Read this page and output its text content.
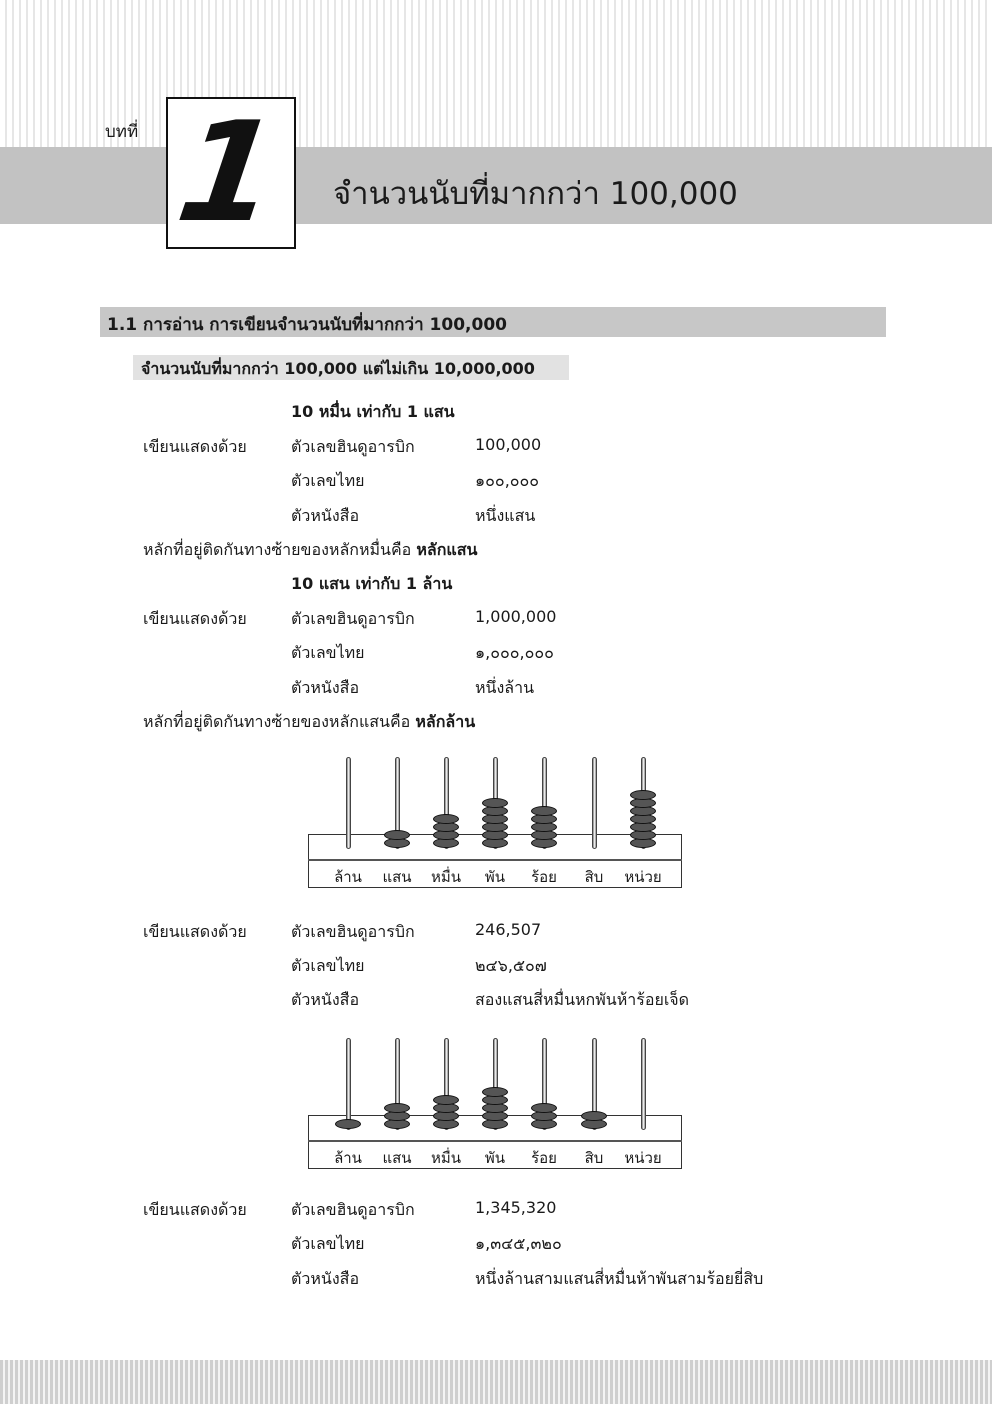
บทที่ 1 จำนวนนับที่มากกว่า 100,000
1.1 การอ่าน การเขียนจำนวนนับที่มากกว่า 100,000
จำนวนนับที่มากกว่า 100,000 แต่ไม่เกิน 10,000,000
10 หมื่น เท่ากับ 1 แสน
เขียนแสดงด้วย	ตัวเลขฮินดูอารบิก	100,000
ตัวเลขไทย	๑๐๐,๐๐๐
ตัวหนังสือ	หนึ่งแสน
หลักที่อยู่ติดกันทางซ้ายของหลักหมื่นคือ หลักแสน
10 แสน เท่ากับ 1 ล้าน
เขียนแสดงด้วย	ตัวเลขฮินดูอารบิก	1,000,000
ตัวเลขไทย	๑,๐๐๐,๐๐๐
ตัวหนังสือ	หนึ่งล้าน
หลักที่อยู่ติดกันทางซ้ายของหลักแสนคือ หลักล้าน
ล้าน	แสน	หมื่น	พัน	ร้อย	สิบ	หน่วย
เขียนแสดงด้วย	ตัวเลขฮินดูอารบิก	246,507
ตัวเลขไทย	๒๔๖,๕๐๗
ตัวหนังสือ	สองแสนสี่หมื่นหกพันห้าร้อยเจ็ด
ล้าน	แสน	หมื่น	พัน	ร้อย	สิบ	หน่วย
เขียนแสดงด้วย	ตัวเลขฮินดูอารบิก	1,345,320
ตัวเลขไทย	๑,๓๔๕,๓๒๐
ตัวหนังสือ	หนึ่งล้านสามแสนสี่หมื่นห้าพันสามร้อยยี่สิบ
